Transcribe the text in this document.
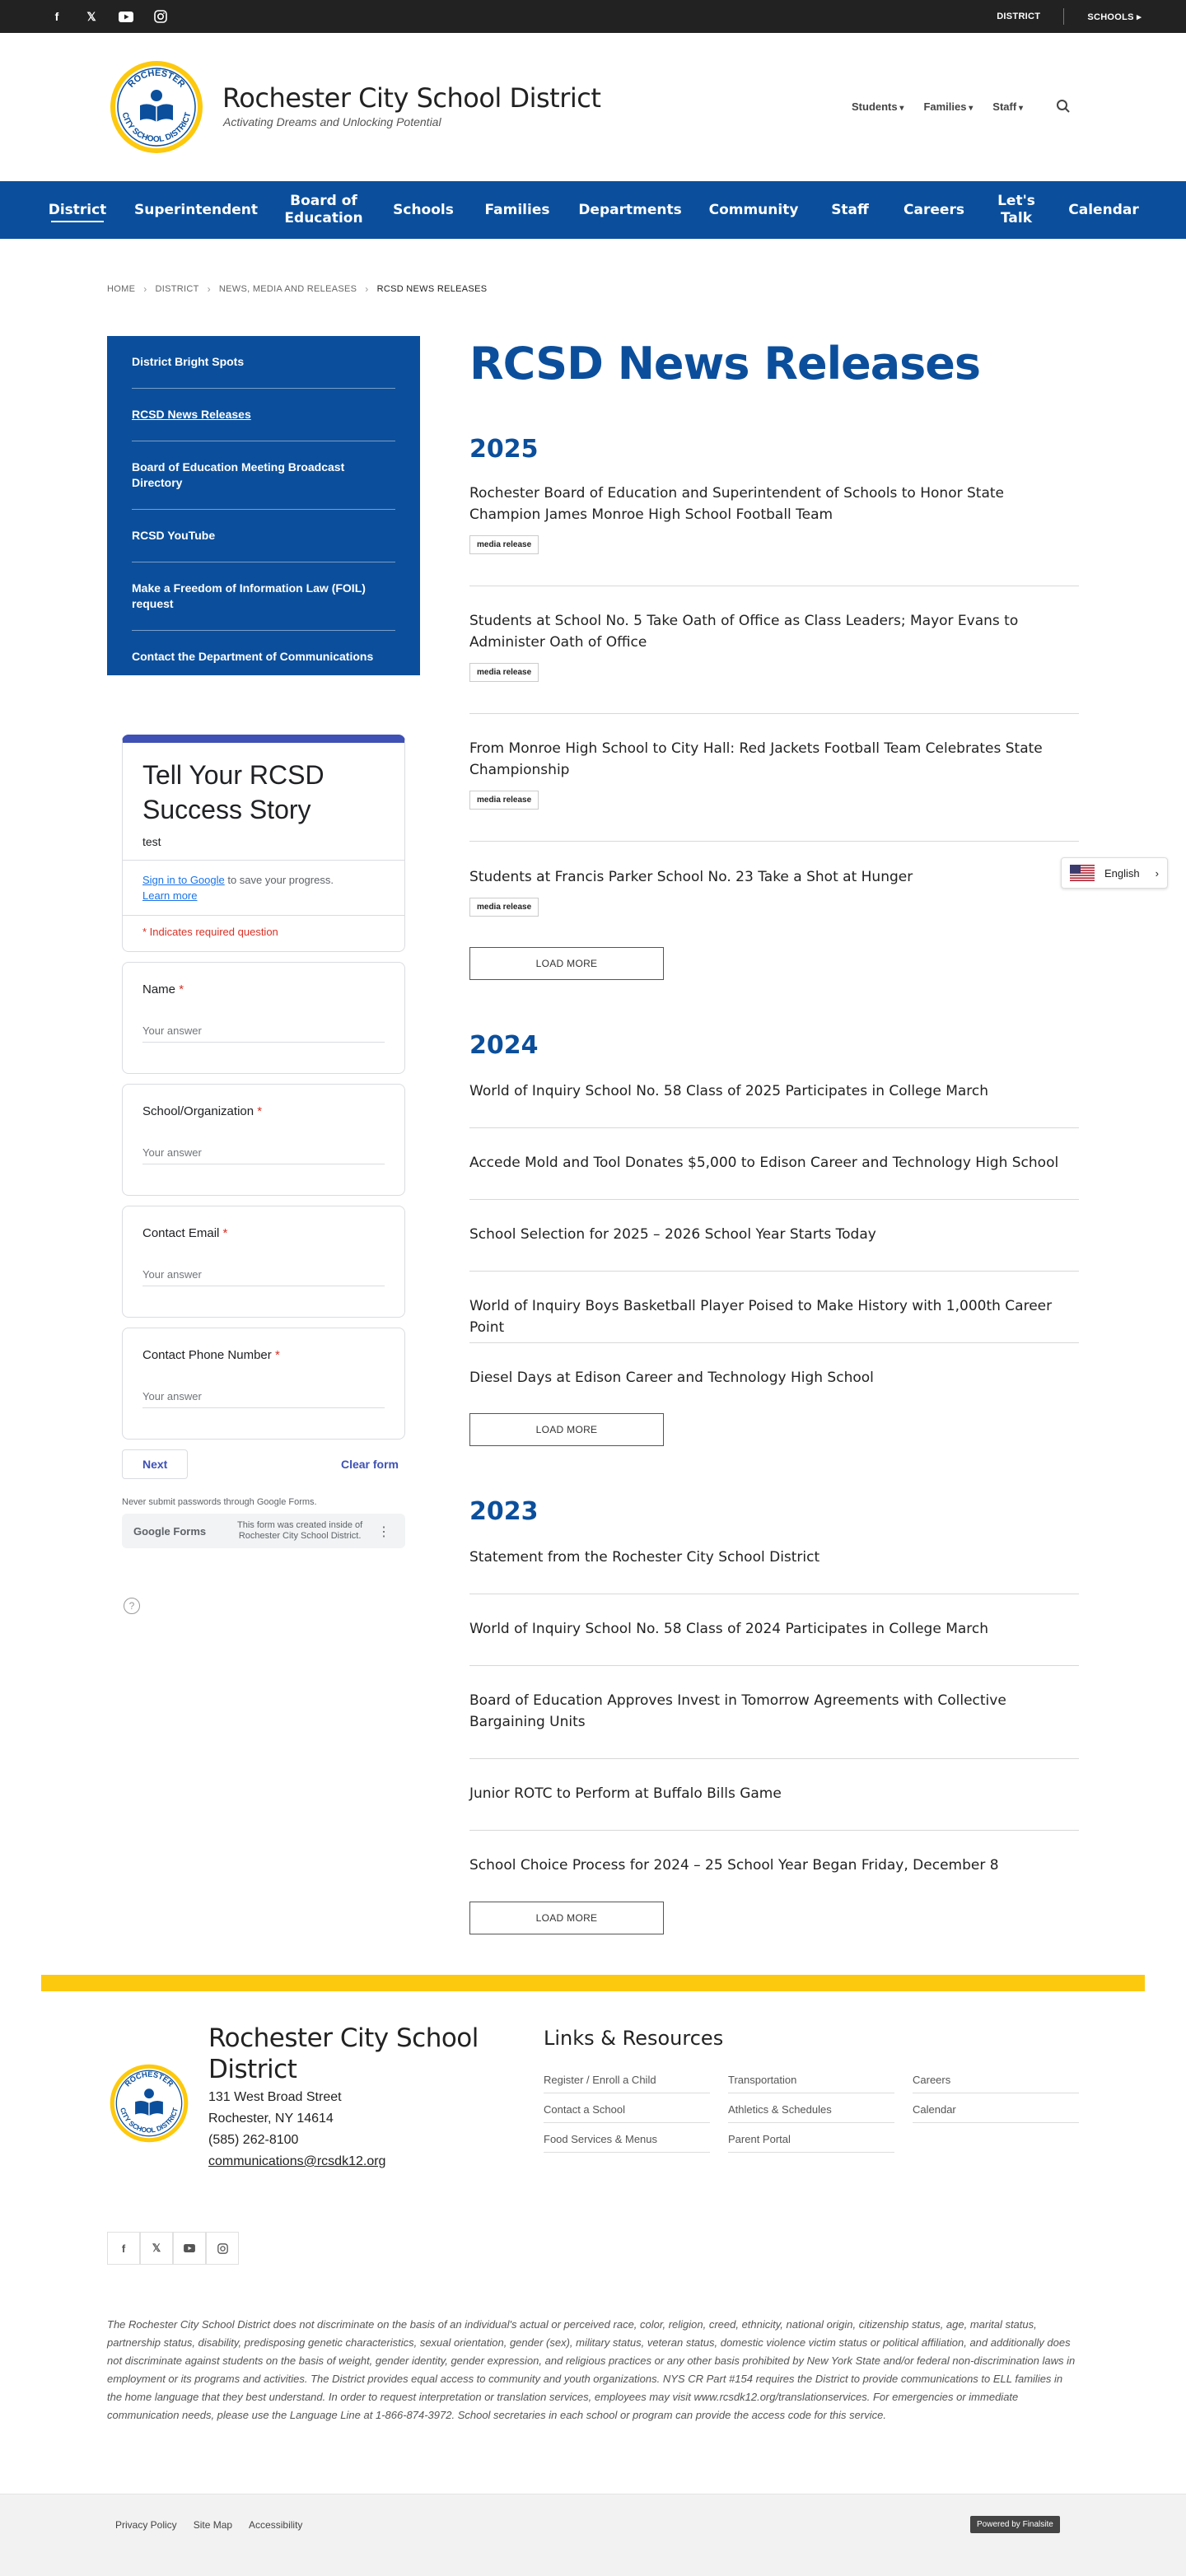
f	𝕏	DISTRICT	SCHOOLS ▸
ROCHESTER
CITY SCHOOL DISTRICT
Rochester City School District
Activating Dreams and Unlocking Potential
Students ▾	Families ▾	Staff ▾
District Superintendent
Board of Education
Schools Families Departments Community Staff Careers
Let's Talk
Calendar
HOME › DISTRICT › NEWS, MEDIA AND RELEASES › RCSD NEWS RELEASES
District Bright Spots
RCSD News Releases
Board of Education Meeting Broadcast Directory
RCSD YouTube
Make a Freedom of Information Law (FOIL) request
Contact the Department of Communications
Tell Your RCSD Success Story
test
Sign in to Google to save your progress.
Learn more
* Indicates required question
Name *
Your answer
School/Organization *
Your answer
Contact Email *
Your answer
Contact Phone Number *
Your answer
Next	Clear form
Never submit passwords through Google Forms.
Google Forms	This form was created inside of Rochester City School District.	⋮
?
RCSD News Releases
2025
Rochester Board of Education and Superintendent of Schools to Honor State Champion James Monroe High School Football Team
media release
Students at School No. 5 Take Oath of Office as Class Leaders; Mayor Evans to Administer Oath of Office
media release
From Monroe High School to City Hall: Red Jackets Football Team Celebrates State Championship
media release
Students at Francis Parker School No. 23 Take a Shot at Hunger
media release
LOAD MORE
2024
World of Inquiry School No. 58 Class of 2025 Participates in College March
Accede Mold and Tool Donates $5,000 to Edison Career and Technology High School
School Selection for 2025 – 2026 School Year Starts Today
World of Inquiry Boys Basketball Player Poised to Make History with 1,000th Career Point
Diesel Days at Edison Career and Technology High School
LOAD MORE
2023
Statement from the Rochester City School District
World of Inquiry School No. 58 Class of 2024 Participates in College March
Board of Education Approves Invest in Tomorrow Agreements with Collective Bargaining Units
Junior ROTC to Perform at Buffalo Bills Game
School Choice Process for 2024 – 25 School Year Began Friday, December 8
LOAD MORE
English ›
ROCHESTER
CITY SCHOOL DISTRICT
Rochester City School District
131 West Broad Street
Rochester, NY 14614
(585) 262-8100
communications@rcsdk12.org
Links & Resources
Register / Enroll a Child	Transportation	Careers
Contact a School	Athletics & Schedules	Calendar
Food Services & Menus	Parent Portal
f	𝕏

The Rochester City School District does not discriminate on the basis of an individual's actual or perceived race, color, religion, creed, ethnicity, national origin, citizenship status, age, marital status, partnership status, disability, predisposing genetic characteristics, sexual orientation, gender (sex), military status, veteran status, domestic violence victim status or political affiliation, and additionally does not discriminate against students on the basis of weight, gender identity, gender expression, and religious practices or any other basis prohibited by New York State and/or federal non-discrimination laws in employment or its programs and activities. The District provides equal access to community and youth organizations. NYS CR Part #154 requires the District to provide communications to ELL families in the home language that they best understand. In order to request interpretation or translation services, employees may visit www.rcsdk12.org/translationservices. For emergencies or immediate communication needs, please use the Language Line at 1-866-874-3972. School secretaries in each school or program can provide the access code for this service.

Privacy Policy Site Map Accessibility	Powered by Finalsite
